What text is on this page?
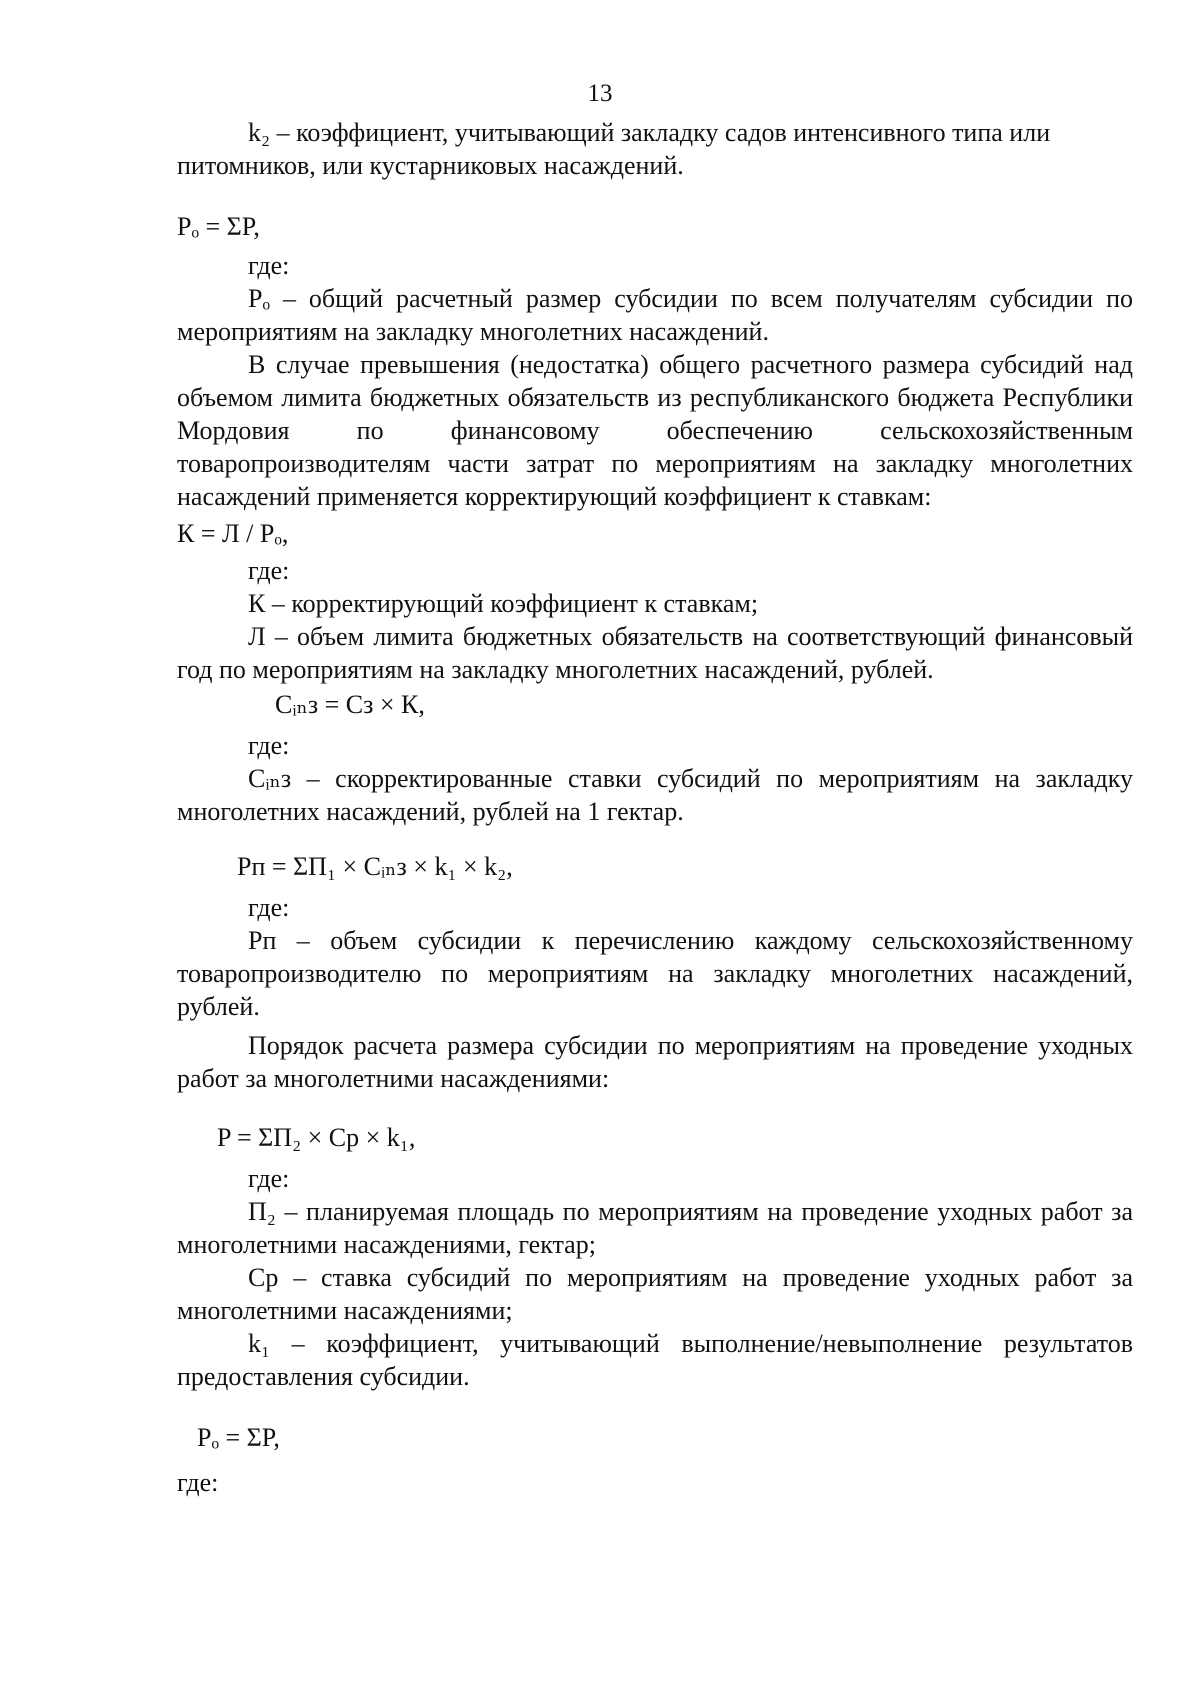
13

k₂ – коэффициент, учитывающий закладку садов интенсивного типа или питомников, или кустарниковых насаждений.

Pₒ = ΣP,

где:

Pₒ – общий расчетный размер субсидии по всем получателям субсидии по мероприятиям на закладку многолетних насаждений.

В случае превышения (недостатка) общего расчетного размера субсидий над объемом лимита бюджетных обязательств из республиканского бюджета Республики Мордовия по финансовому обеспечению сельскохозяйственным товаропроизводителям части затрат по мероприятиям на закладку многолетних насаждений применяется корректирующий коэффициент к ставкам:

К = Л / Pₒ,

где:

К – корректирующий коэффициент к ставкам;

Л – объем лимита бюджетных обязательств на соответствующий финансовый год по мероприятиям на закладку многолетних насаждений, рублей.

Cᵢₙз = Cз × К,

где:

Cᵢₙз – скорректированные ставки субсидий по мероприятиям на закладку многолетних насаждений, рублей на 1 гектар.

Pп = ΣП₁ × Cᵢₙз × k₁ × k₂,

где:

Pп – объем субсидии к перечислению каждому сельскохозяйственному товаропроизводителю по мероприятиям на закладку многолетних насаждений, рублей.

Порядок расчета размера субсидии по мероприятиям на проведение уходных работ за многолетними насаждениями:

P = ΣП₂ × Cp × k₁,

где:

П₂ – планируемая площадь по мероприятиям на проведение уходных работ за многолетними насаждениями, гектар;

Cp – ставка субсидий по мероприятиям на проведение уходных работ за многолетними насаждениями;

k₁ – коэффициент, учитывающий выполнение/невыполнение результатов предоставления субсидии.

Pₒ = ΣP,

где:
